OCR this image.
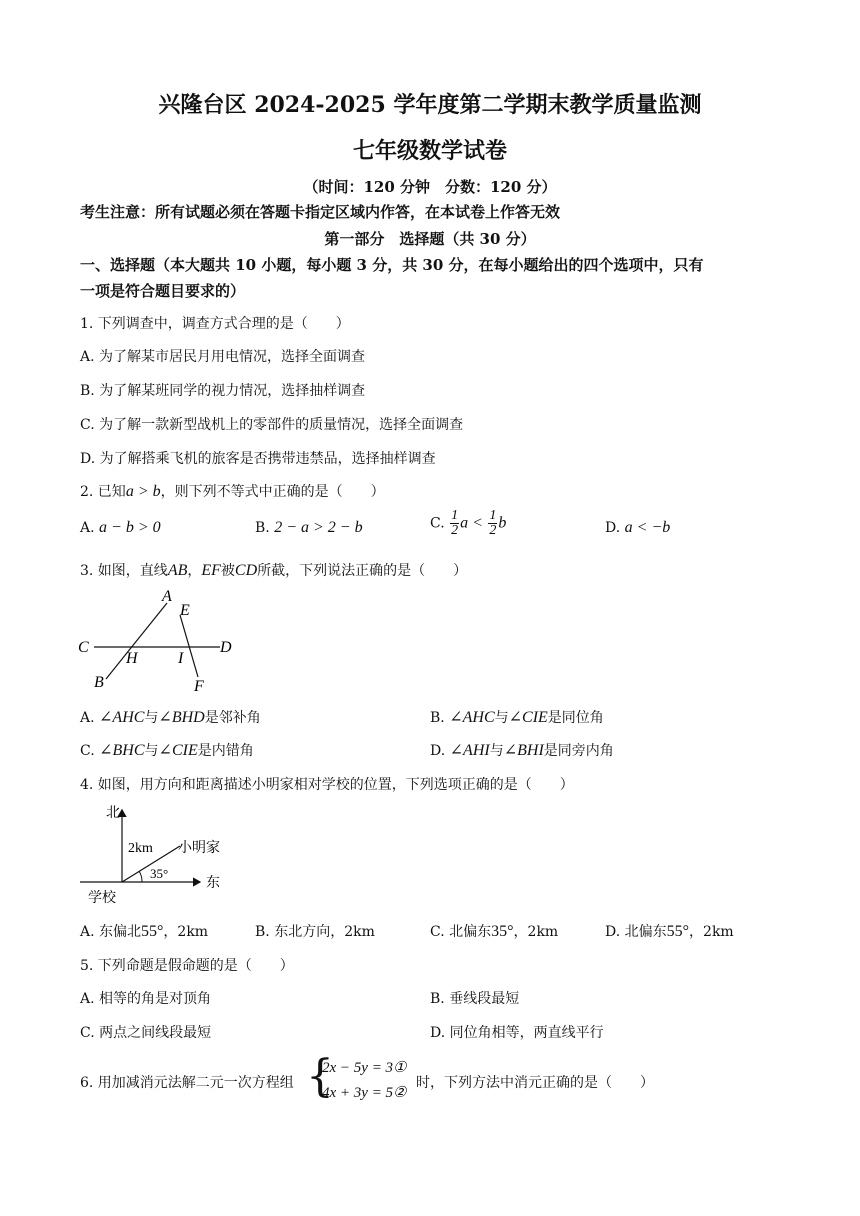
兴隆台区 2024-2025 学年度第二学期末教学质量监测
七年级数学试卷
（时间：120 分钟　分数：120 分）
考生注意：所有试题必须在答题卡指定区域内作答，在本试卷上作答无效
第一部分　选择题（共 30 分）
一、选择题（本大题共 10 小题，每小题 3 分，共 30 分，在每小题给出的四个选项中，只有
一项是符合题目要求的）
1. 下列调查中，调查方式合理的是（　　）
A. 为了解某市居民月用电情况，选择全面调查
B. 为了解某班同学的视力情况，选择抽样调查
C. 为了解一款新型战机上的零部件的质量情况，选择全面调查
D. 为了解搭乘飞机的旅客是否携带违禁品，选择抽样调查
2. 已知a > b，则下列不等式中正确的是（　　）
A. a − b > 0	B. 2 − a > 2 − b	C. $\frac{1}{2}$ $a < \frac{1}{2}$ b	D. a < −b
3. 如图，直线AB，EF被CD所截，下列说法正确的是（　　）
A
B
C	D
E
F
H	I
A. ∠AHC与∠BHD是邻补角	B. ∠AHC与∠CIE是同位角
C. ∠BHC与∠CIE是内错角	D. ∠AHI与∠BHI是同旁内角
4. 如图，用方向和距离描述小明家相对学校的位置，下列选项正确的是（　　）
北
东
学校
小明家
2km
35°
A. 东偏北55°，2km	B. 东北方向，2km	C. 北偏东35°，2km	D. 北偏东55°，2km
5. 下列命题是假命题的是（　　）
A. 相等的角是对顶角	B. 垂线段最短
C. 两点之间线段最短	D. 同位角相等，两直线平行
6. 用加减消元法解二元一次方程组 {
2x − 5y = 3①
4x + 3y = 5②
时，下列方法中消元正确的是（　　）
